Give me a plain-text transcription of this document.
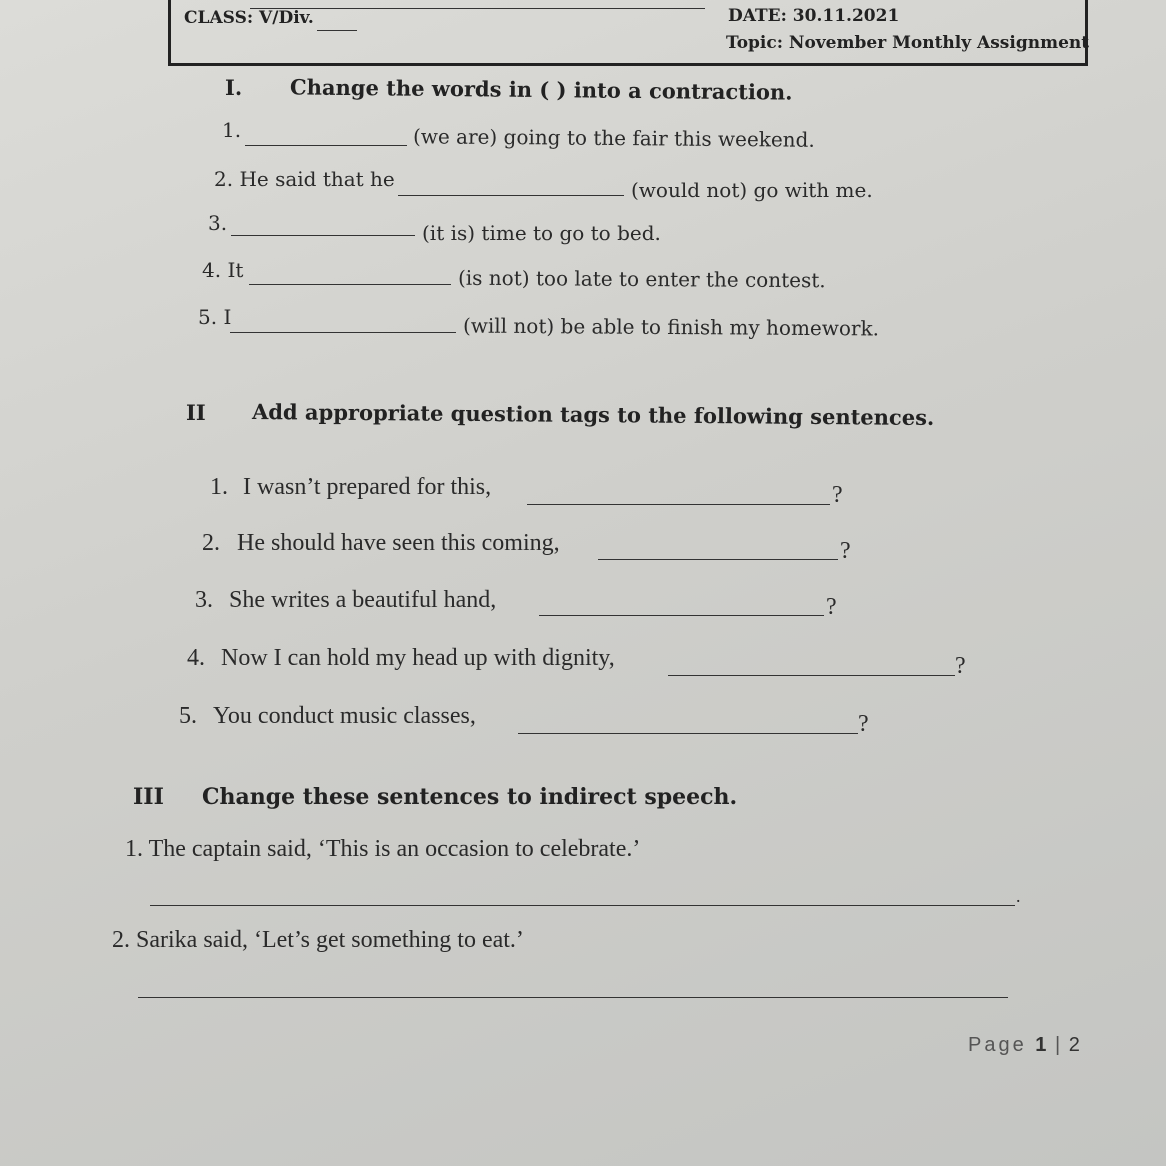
CLASS: V/Div.	DATE: 30.11.2021
Topic: November Monthly Assignment
I. Change the words in ( ) into a contraction.
1.	(we are) going to the fair this weekend.
2. He said that he	(would not) go with me.
3.	(it is) time to go to bed.
4. It	(is not) too late to enter the contest.
5. I	(will not) be able to finish my homework.
II Add appropriate question tags to the following sentences.
1. I wasn’t prepared for this,	?
2. He should have seen this coming,	?
3. She writes a beautiful hand,	?
4. Now I can hold my head up with dignity,	?
5. You conduct music classes,	?
III Change these sentences to indirect speech.
1. The captain said, ‘This is an occasion to celebrate.’
.
2. Sarika said, ‘Let’s get something to eat.’
Page 1 | 2
